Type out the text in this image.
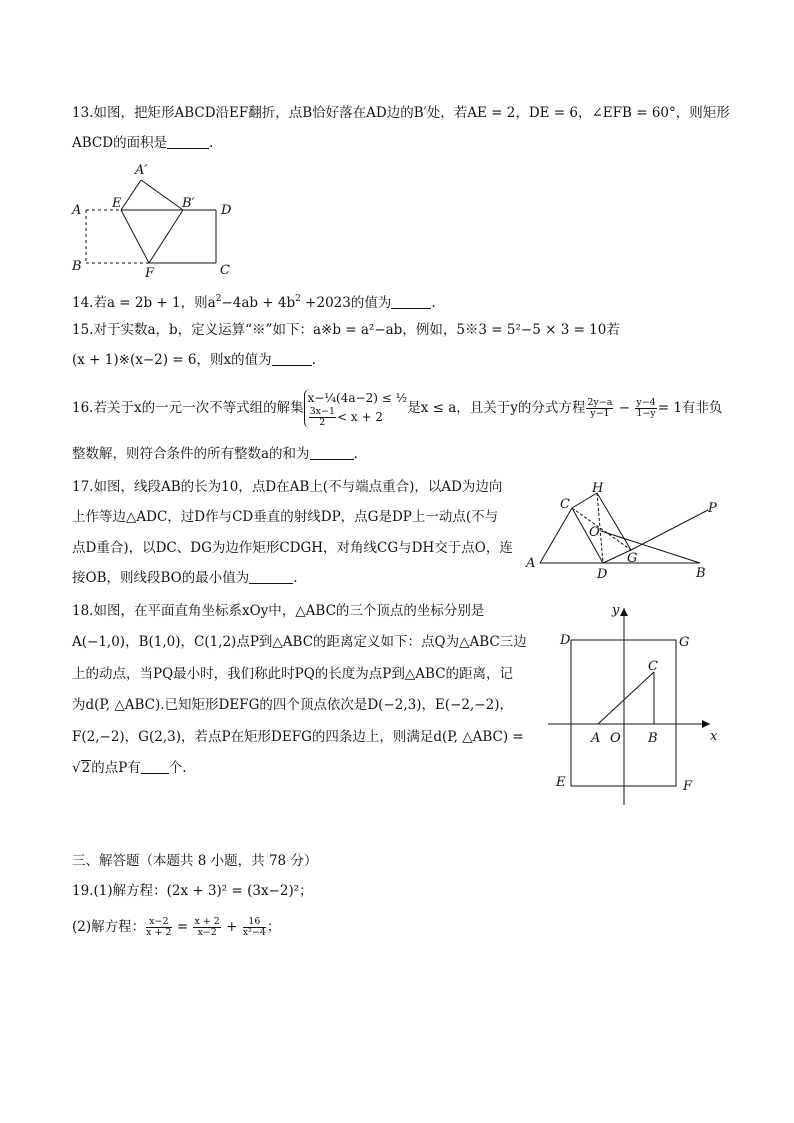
13.如图，把矩形ABCD沿EF翻折，点B恰好落在AD边的B′处，若AE = 2，DE = 6，∠EFB = 60°，则矩形
ABCD的面积是	.
A
B	C
D
E
F
A′
B′
14.若a = 2b + 1，则$a^2-4ab + 4b^2 +2023$的值为	.
15.对于实数a，b，定义运算“※”如下：a※b = a²−ab，例如，5※3 = 5²−5 × 3 = 10若
(x + 1)※(x−2) = 6，则x的值为	.
16.若关于x的一元一次不等式组的解集
x−¼(4a−2) ≤ ½
$\frac{3x-1}{2} < x + 2$
是x ≤ a，且关于y的分式方程 $\frac{2y-a}{y-1} - \frac{y-4}{1-y} = 1$有非负
整数解，则符合条件的所有整数a的和为	.
17.如图，线段AB的长为10，点D在AB上(不与端点重合)，以AD为边向
上作等边△ADC，过D作与CD垂直的射线DP，点G是DP上一动点(不与
点D重合)，以DC、DG为边作矩形CDGH，对角线CG与DH交于点O，连
接OB，则线段BO的最小值为	.
A
B
C
D
G
H
O
P
18.如图，在平面直角坐标系xOy中，△ABC的三个顶点的坐标分别是
A(−1,0)，B(1,0)，C(1,2)点P到△ABC的距离定义如下：点Q为△ABC三边
上的动点，当PQ最小时，我们称此时PQ的长度为点P到△ABC的距离，记
为d(P, △ABC).已知矩形DEFG的四个顶点依次是D(−2,3)，E(−2,−2)，
F(2,−2)，G(2,3)，若点P在矩形DEFG的四条边上，则满足d(P, △ABC) =
√2的点P有 个.
D	G
E	F
C
A	B
O	x
y
三、解答题（本题共 8 小题，共 78 分）
19.(1)解方程：(2x + 3)² = (3x−2)²；
(2)解方程： $\frac{x-2}{x + 2} = \frac{x + 2}{x-2} + \frac{16}{\text{x²−4}}$ ；
